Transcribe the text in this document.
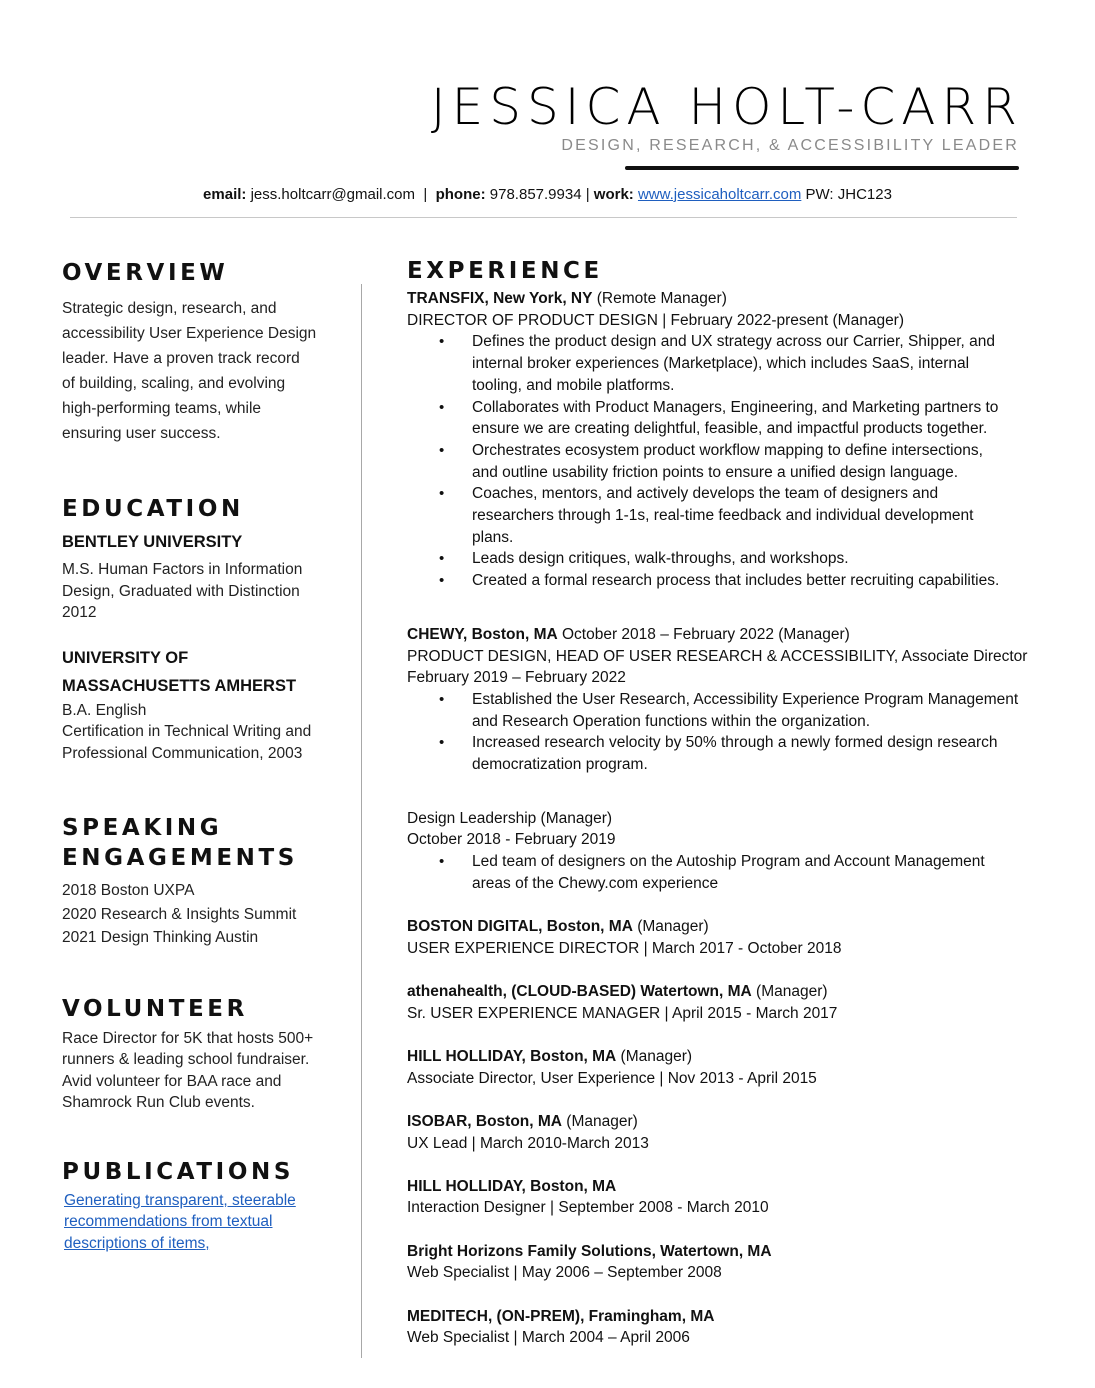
JESSICA HOLT-CARR
DESIGN, RESEARCH, & ACCESSIBILITY LEADER
email: jess.holtcarr@gmail.com | phone: 978.857.9934 | work: www.jessicaholtcarr.com PW: JHC123
OVERVIEW

Strategic design, research, and

accessibility User Experience Design

leader. Have a proven track record

of building, scaling, and evolving

high-performing teams, while

ensuring user success.

EDUCATION

BENTLEY UNIVERSITY

M.S. Human Factors in Information

Design, Graduated with Distinction

2012

UNIVERSITY OF

MASSACHUSETTS AMHERST

B.A. English

Certification in Technical Writing and

Professional Communication, 2003

SPEAKING
ENGAGEMENTS

2018 Boston UXPA

2020 Research & Insights Summit

2021 Design Thinking Austin

VOLUNTEER

Race Director for 5K that hosts 500+

runners & leading school fundraiser.

Avid volunteer for BAA race and

Shamrock Run Club events.

PUBLICATIONS
Generating transparent, steerable
recommendations from textual
descriptions of items,
EXPERIENCE

TRANSFIX, New York, NY (Remote Manager)

DIRECTOR OF PRODUCT DESIGN | February 2022-present (Manager)

• Defines the product design and UX strategy across our Carrier, Shipper, and
internal broker experiences (Marketplace), which includes SaaS, internal
tooling, and mobile platforms.
• Collaborates with Product Managers, Engineering, and Marketing partners to
ensure we are creating delightful, feasible, and impactful products together.
• Orchestrates ecosystem product workflow mapping to define intersections,
and outline usability friction points to ensure a unified design language.
• Coaches, mentors, and actively develops the team of designers and
researchers through 1-1s, real-time feedback and individual development
plans.
• Leads design critiques, walk-throughs, and workshops.
• Created a formal research process that includes better recruiting capabilities.

CHEWY, Boston, MA October 2018 – February 2022 (Manager)

PRODUCT DESIGN, HEAD OF USER RESEARCH & ACCESSIBILITY, Associate Director

February 2019 – February 2022

• Established the User Research, Accessibility Experience Program Management
and Research Operation functions within the organization.
• Increased research velocity by 50% through a newly formed design research
democratization program.

Design Leadership (Manager)

October 2018 - February 2019

• Led team of designers on the Autoship Program and Account Management
areas of the Chewy.com experience

BOSTON DIGITAL, Boston, MA (Manager)

USER EXPERIENCE DIRECTOR | March 2017 - October 2018

athenahealth, (CLOUD-BASED) Watertown, MA (Manager)

Sr. USER EXPERIENCE MANAGER | April 2015 - March 2017

HILL HOLLIDAY, Boston, MA (Manager)

Associate Director, User Experience | Nov 2013 - April 2015

ISOBAR, Boston, MA (Manager)

UX Lead | March 2010-March 2013

HILL HOLLIDAY, Boston, MA

Interaction Designer | September 2008 - March 2010

Bright Horizons Family Solutions, Watertown, MA

Web Specialist | May 2006 – September 2008

MEDITECH, (ON-PREM), Framingham, MA

Web Specialist | March 2004 – April 2006
